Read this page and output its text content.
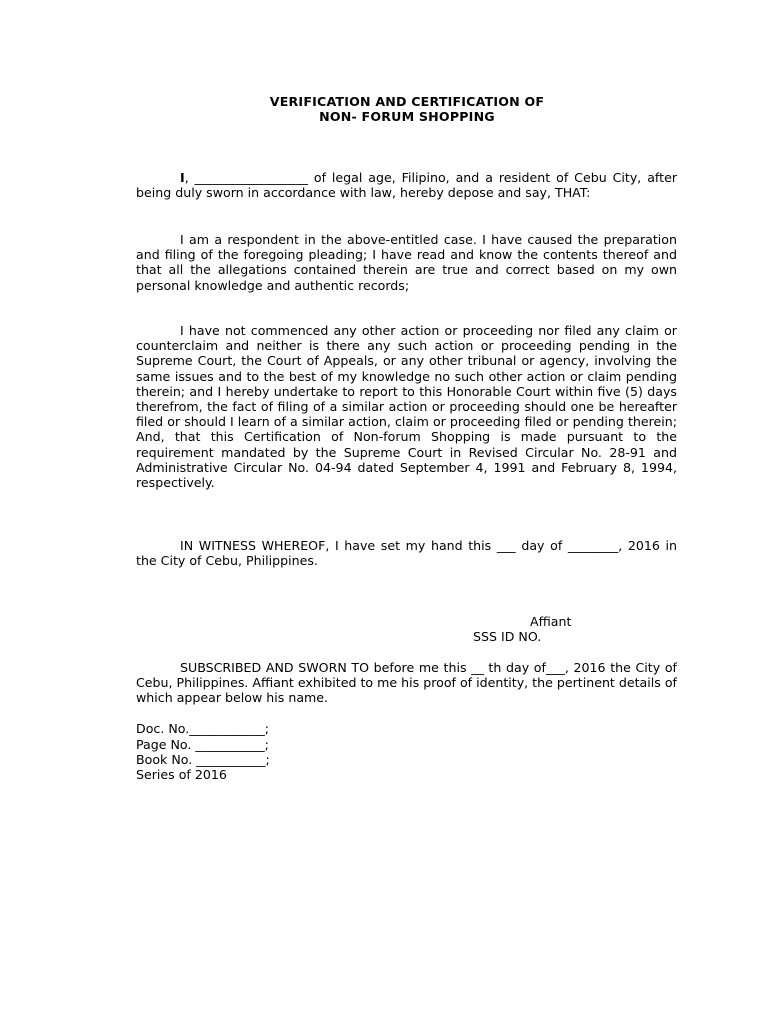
VERIFICATION AND CERTIFICATION OF
NON- FORUM SHOPPING
I, __________________ of legal age, Filipino, and a resident of Cebu City, after being duly sworn in accordance with law, hereby depose and say, THAT:
I am a respondent in the above-entitled case. I have caused the preparation and filing of the foregoing pleading; I have read and know the contents thereof and that all the allegations contained therein are true and correct based on my own personal knowledge and authentic records;
I have not commenced any other action or proceeding nor filed any claim or counterclaim and neither is there any such action or proceeding pending in the Supreme Court, the Court of Appeals, or any other tribunal or agency, involving the same issues and to the best of my knowledge no such other action or claim pending therein; and I hereby undertake to report to this Honorable Court within five (5) days therefrom, the fact of filing of a similar action or proceeding should one be hereafter filed or should I learn of a similar action, claim or proceeding filed or pending therein; And, that this Certification of Non-forum Shopping is made pursuant to the requirement mandated by the Supreme Court in Revised Circular No. 28-91 and Administrative Circular No. 04-94 dated September 4, 1991 and February 8, 1994, respectively.
IN WITNESS WHEREOF, I have set my hand this ___ day of ________, 2016 in the City of Cebu, Philippines.
Affiant
SSS ID NO.
SUBSCRIBED AND SWORN TO before me this __ th day of___, 2016 the City of Cebu, Philippines. Affiant exhibited to me his proof of identity, the pertinent details of which appear below his name.
Doc. No.____________;
Page No. ___________;
Book No. ___________;
Series of 2016
